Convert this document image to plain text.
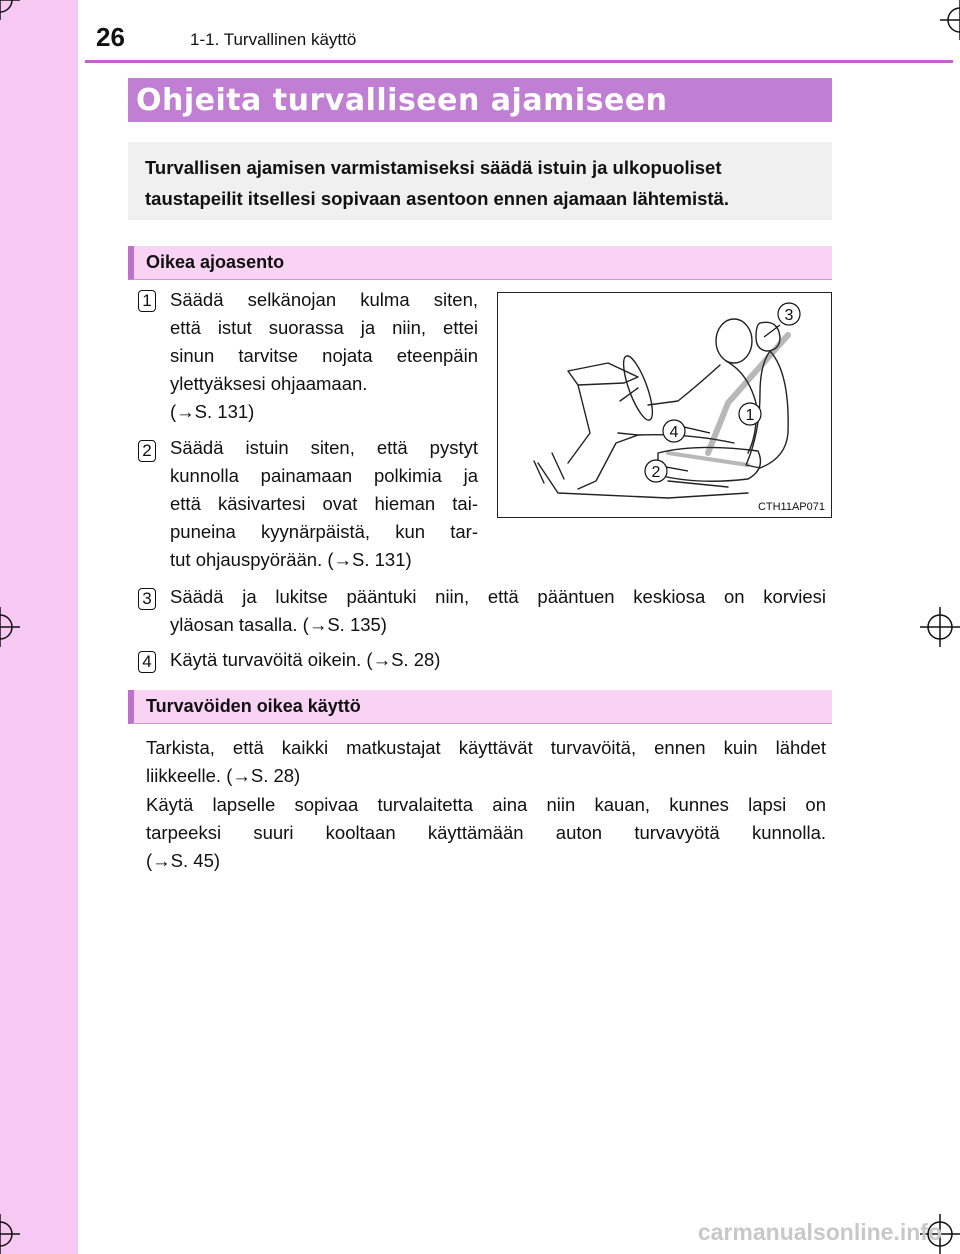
26	1-1. Turvallinen käyttö
Ohjeita turvalliseen ajamiseen
Turvallisen ajamisen varmistamiseksi säädä istuin ja ulkopuoliset taustapeilit itsellesi sopivaan asentoon ennen ajamaan lähtemistä.
Oikea ajoasento
1 Säädä selkänojan kulma siten,
että istut suorassa ja niin, ettei
sinun tarvitse nojata eteenpäin
ylettyäksesi ohjaamaan.
(→S. 131)
2 Säädä istuin siten, että pystyt
kunnolla painamaan polkimia ja
että käsivartesi ovat hieman tai-
puneina kyynärpäistä, kun tar-
tut ohjauspyörään. (→S. 131)
3
1
4
2
CTH11AP071
3 Säädä ja lukitse pääntuki niin, että pääntuen keskiosa on korviesi
yläosan tasalla. (→S. 135)
4 Käytä turvavöitä oikein. (→S. 28)
Turvavöiden oikea käyttö
Tarkista, että kaikki matkustajat käyttävät turvavöitä, ennen kuin lähdet
liikkeelle. (→S. 28)
Käytä lapselle sopivaa turvalaitetta aina niin kauan, kunnes lapsi on
tarpeeksi suuri kooltaan käyttämään auton turvavyötä kunnolla.
(→S. 45)
carmanualsonline.info
